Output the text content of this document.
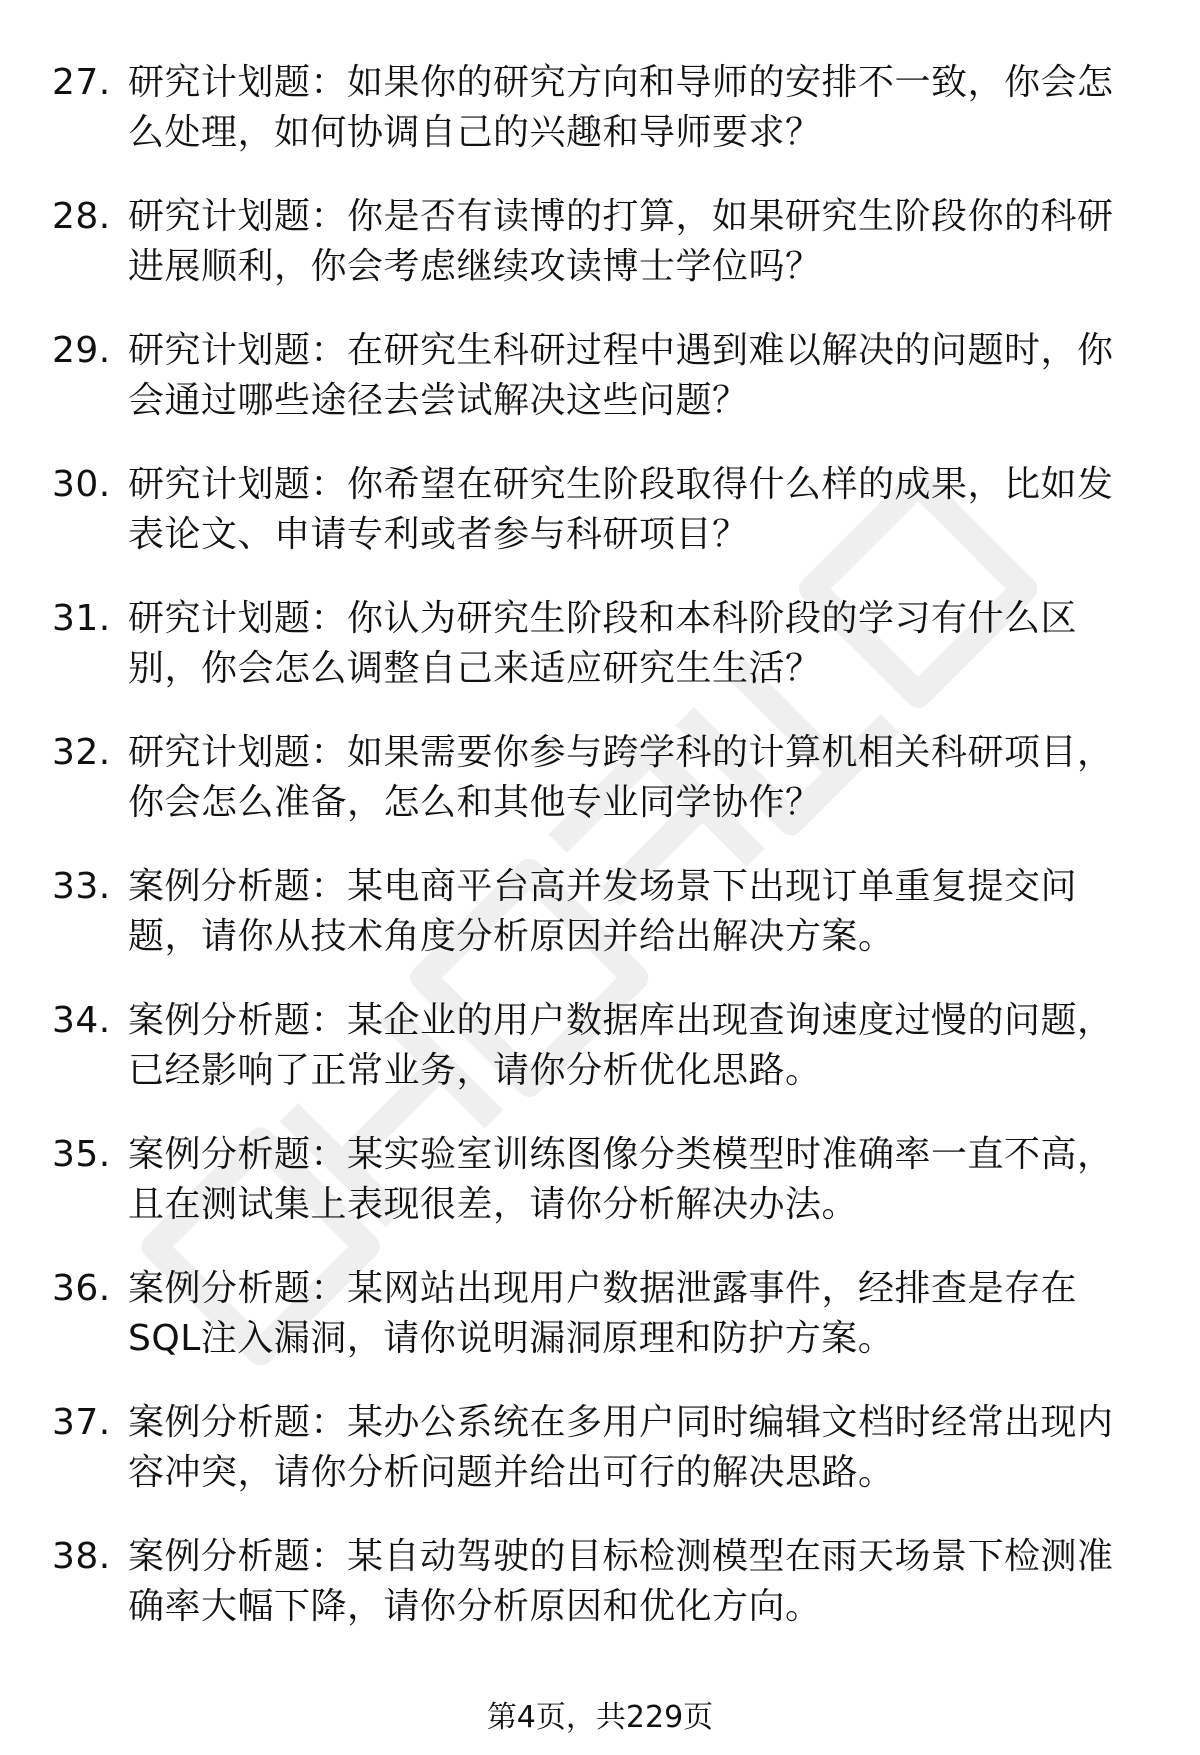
27. 研究计划题：如果你的研究方向和导师的安排不一致，你会怎么处理，如何协调自己的兴趣和导师要求？
28. 研究计划题：你是否有读博的打算，如果研究生阶段你的科研进展顺利，你会考虑继续攻读博士学位吗？
29. 研究计划题：在研究生科研过程中遇到难以解决的问题时，你会通过哪些途径去尝试解决这些问题？
30. 研究计划题：你希望在研究生阶段取得什么样的成果，比如发表论文、申请专利或者参与科研项目？
31. 研究计划题：你认为研究生阶段和本科阶段的学习有什么区别，你会怎么调整自己来适应研究生生活？
32. 研究计划题：如果需要你参与跨学科的计算机相关科研项目，你会怎么准备，怎么和其他专业同学协作？
33. 案例分析题：某电商平台高并发场景下出现订单重复提交问题，请你从技术角度分析原因并给出解决方案。
34. 案例分析题：某企业的用户数据库出现查询速度过慢的问题，已经影响了正常业务，请你分析优化思路。
35. 案例分析题：某实验室训练图像分类模型时准确率一直不高，且在测试集上表现很差，请你分析解决办法。
36. 案例分析题：某网站出现用户数据泄露事件，经排查是存在SQL注入漏洞，请你说明漏洞原理和防护方案。
37. 案例分析题：某办公系统在多用户同时编辑文档时经常出现内容冲突，请你分析问题并给出可行的解决思路。
38. 案例分析题：某自动驾驶的目标检测模型在雨天场景下检测准确率大幅下降，请你分析原因和优化方向。
第4页，共229页
